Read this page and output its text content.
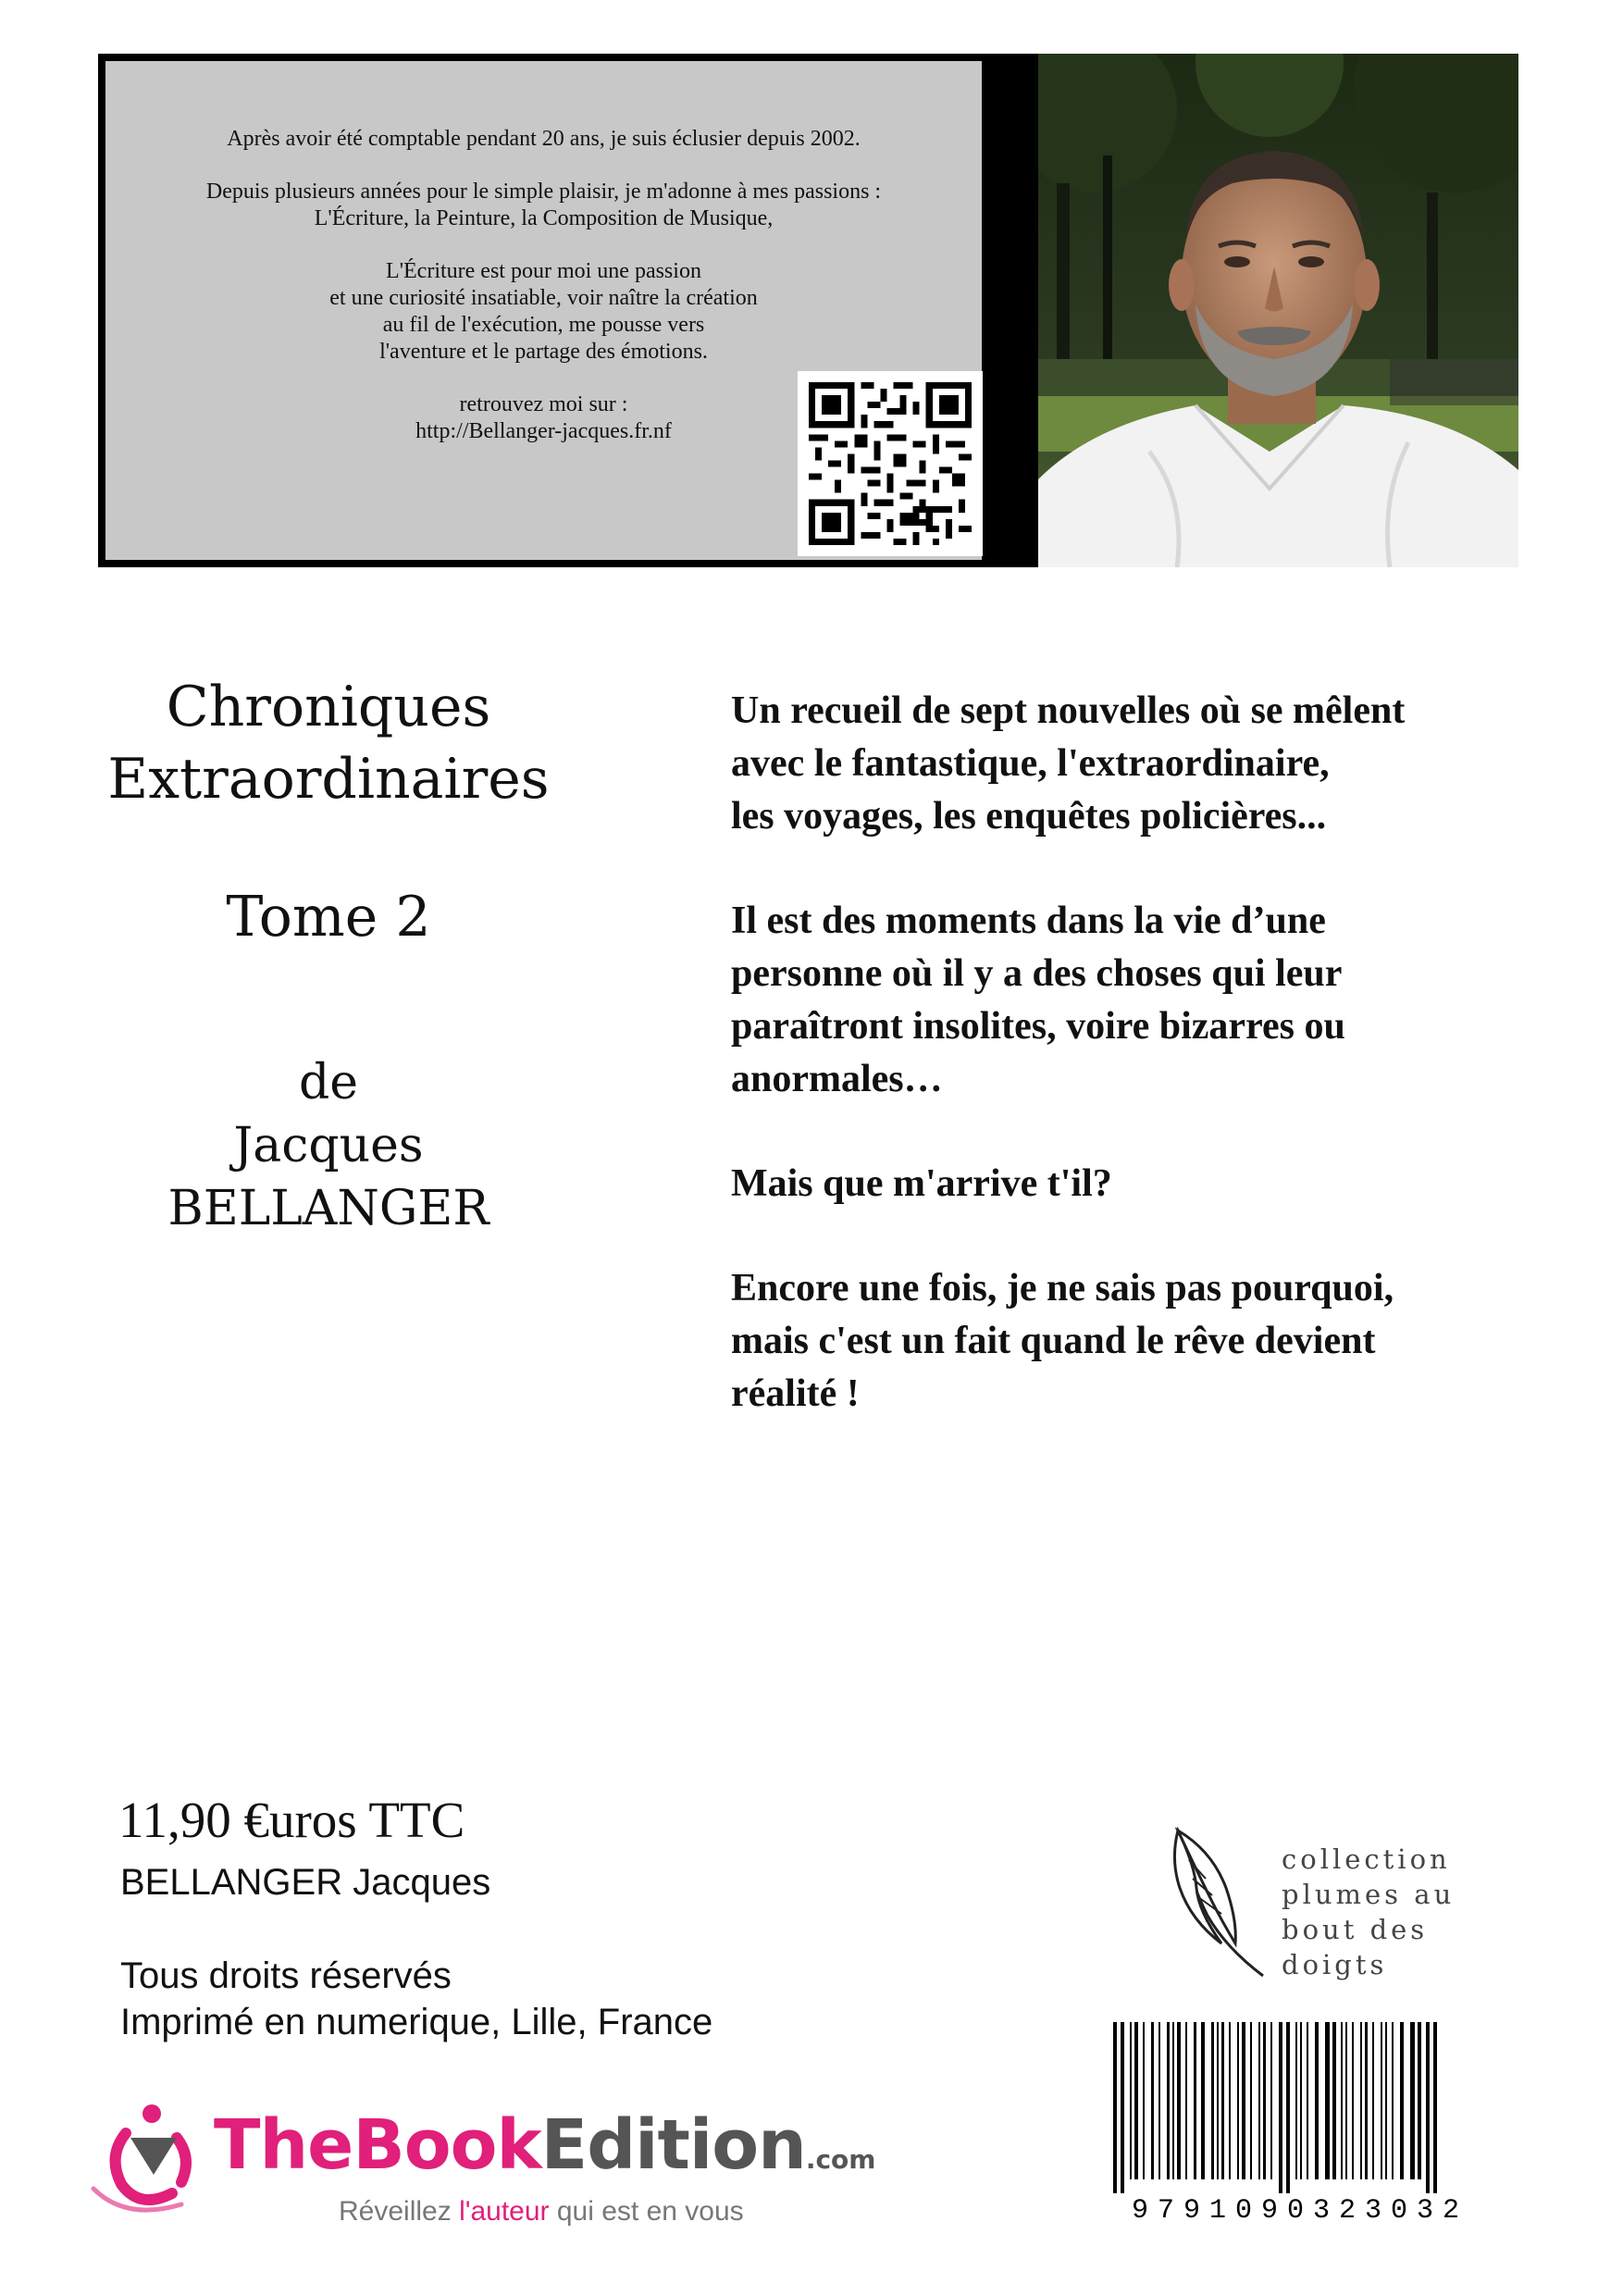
Après avoir été comptable pendant 20 ans, je suis éclusier depuis 2002.

Depuis plusieurs années pour le simple plaisir, je m'adonne à mes passions :
L'Écriture, la Peinture, la Composition de Musique,

L'Écriture est pour moi une passion
et une curiosité insatiable, voir naître la création
au fil de l'exécution, me pousse vers
l'aventure et le partage des émotions.

retrouvez moi sur :
http://Bellanger-jacques.fr.nf

Chroniques
Extraordinaires
Tome 2
de
Jacques
BELLANGER

Un recueil de sept nouvelles où se mêlent
avec le fantastique, l'extraordinaire,
les voyages, les enquêtes policières...

Il est des moments dans la vie d’une
personne où il y a des choses qui leur
paraîtront insolites, voire bizarres ou
anormales…

Mais que m'arrive t'il?

Encore une fois, je ne sais pas pourquoi,
mais c'est un fait quand le rêve devient
réalité !

11,90 €uros TTC
BELLANGER Jacques
Tous droits réservés
Imprimé en numerique, Lille, France
TheBookEdition.com
Réveillez l'auteur qui est en vous
collection
plumes au
bout des
doigts
9791090323032
